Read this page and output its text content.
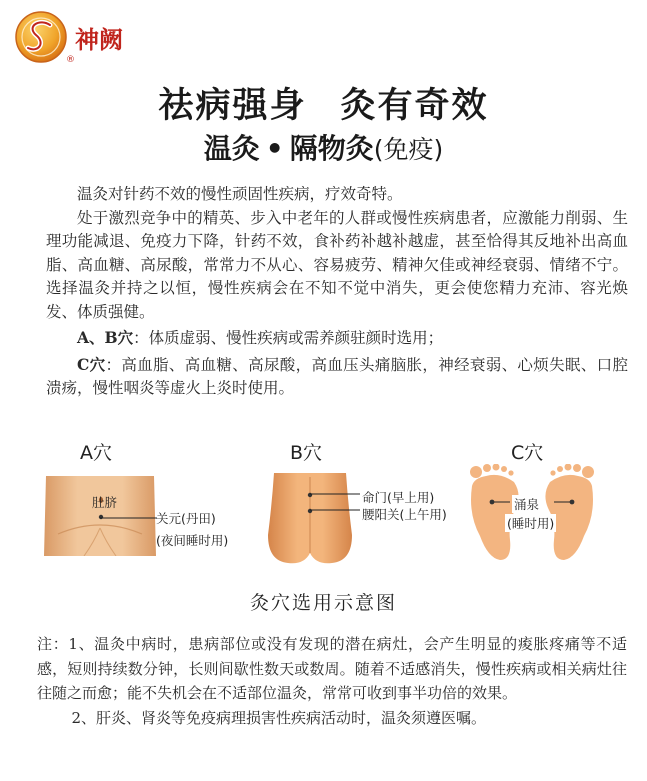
神阙
®
祛病强身 灸有奇效
温灸 • 隔物灸(免疫)

温灸对针药不效的慢性顽固性疾病，疗效奇特。

处于激烈竞争中的精英、步入中老年的人群或慢性疾病患者，应激能力削弱、生理功能减退、免疫力下降，针药不效，食补药补越补越虚，甚至恰得其反地补出高血脂、高血糖、高尿酸，常常力不从心、容易疲劳、精神欠佳或神经衰弱、情绪不宁。选择温灸并持之以恒，慢性疾病会在不知不觉中消失，更会使您精力充沛、容光焕发、体质强健。

A、B穴：体质虚弱、慢性疾病或需养颜驻颜时选用；

C穴：高血脂、高血糖、高尿酸，高血压头痛脑胀，神经衰弱、心烦失眠、口腔溃疡，慢性咽炎等虚火上炎时使用。

A穴	B穴	C穴
肚脐
关元(丹田)
(夜间睡时用)
命门(早上用)
腰阳关(上午用)
涌泉
(睡时用)
灸穴选用示意图

注：1、温灸中病时，患病部位或没有发现的潜在病灶，会产生明显的痠胀疼痛等不适感，短则持续数分钟，长则间歇性数天或数周。随着不适感消失，慢性疾病或相关病灶往往随之而愈；能不失机会在不适部位温灸，常常可收到事半功倍的效果。

2、肝炎、肾炎等免疫病理损害性疾病活动时，温灸须遵医嘱。
